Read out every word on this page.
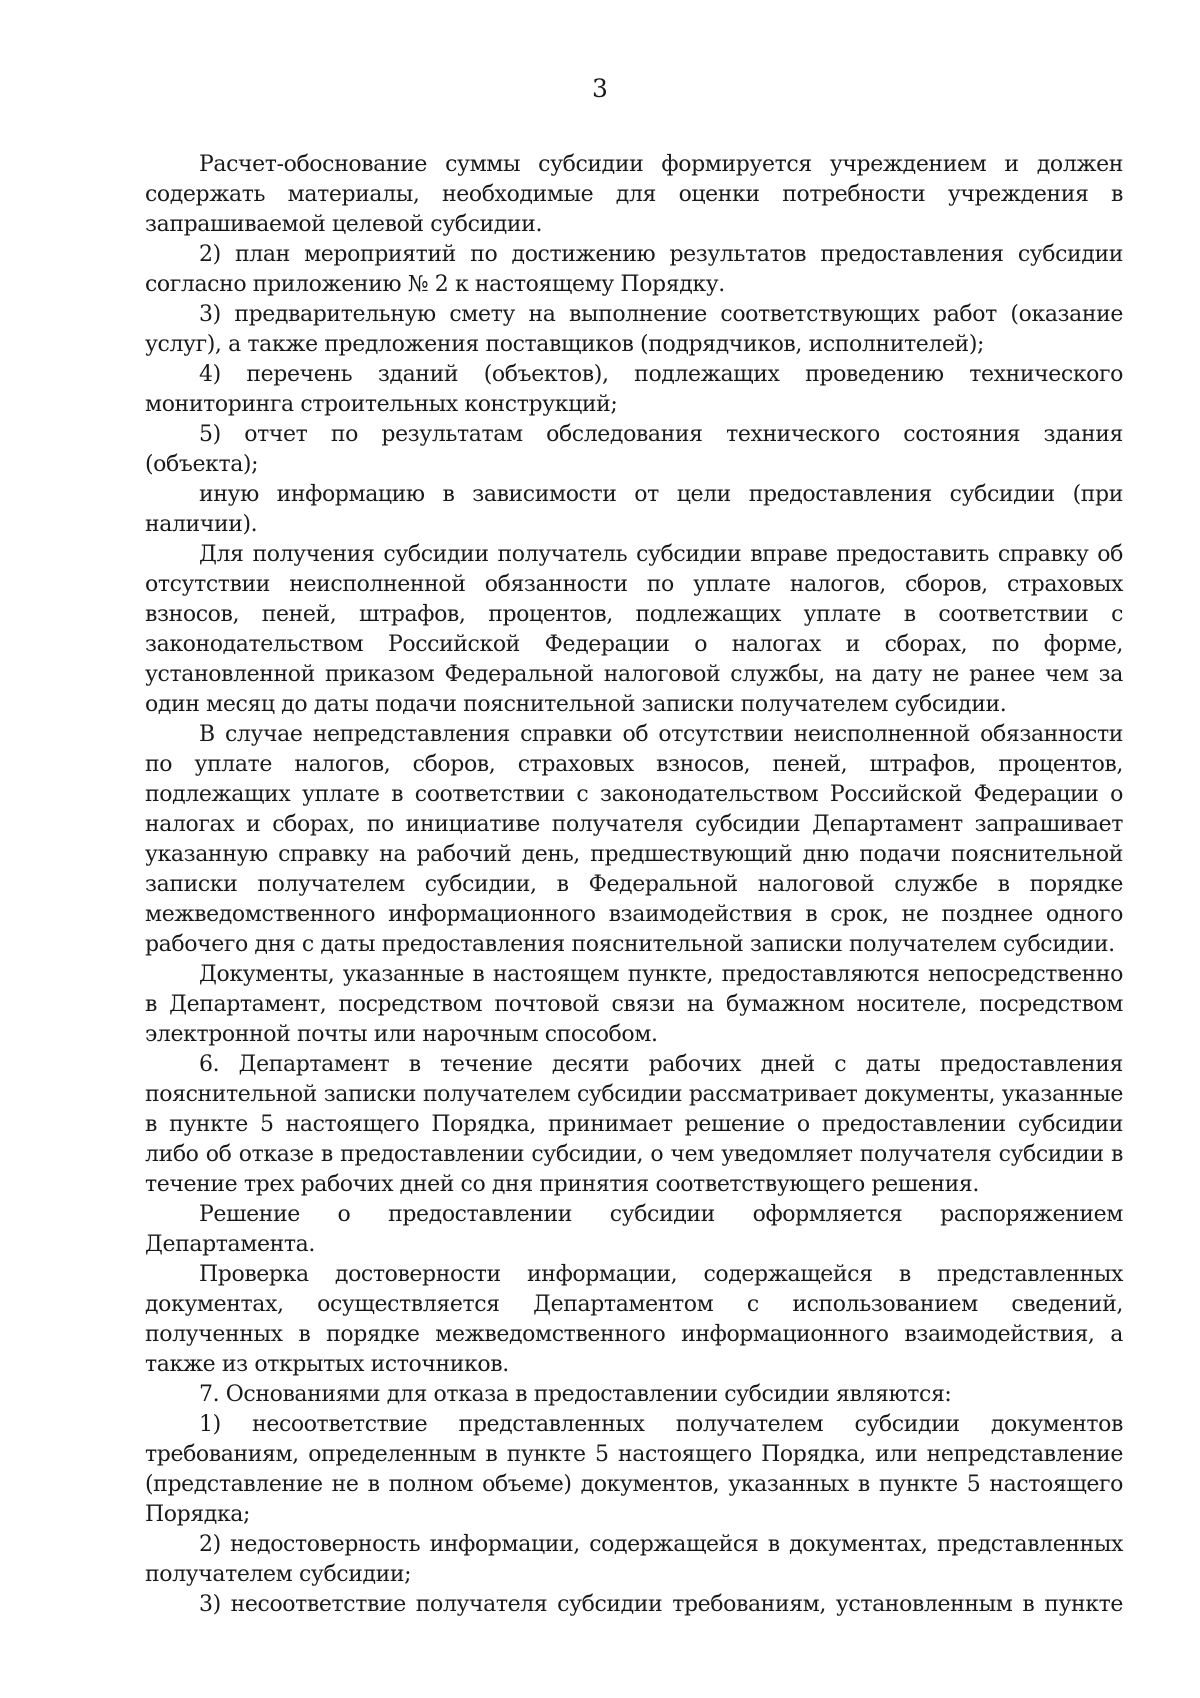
3

Расчет-обоснование суммы субсидии формируется учреждением и должен содержать материалы, необходимые для оценки потребности учреждения в запрашиваемой целевой субсидии.

2) план мероприятий по достижению результатов предоставления субсидии согласно приложению № 2 к настоящему Порядку.

3) предварительную смету на выполнение соответствующих работ (оказание услуг), а также предложения поставщиков (подрядчиков, исполнителей);

4) перечень зданий (объектов), подлежащих проведению технического мониторинга строительных конструкций;

5) отчет по результатам обследования технического состояния здания (объекта);

иную информацию в зависимости от цели предоставления субсидии (при наличии).

Для получения субсидии получатель субсидии вправе предоставить справку об отсутствии неисполненной обязанности по уплате налогов, сборов, страховых взносов, пеней, штрафов, процентов, подлежащих уплате в соответствии с законодательством Российской Федерации о налогах и сборах, по форме, установленной приказом Федеральной налоговой службы, на дату не ранее чем за один месяц до даты подачи пояснительной записки получателем субсидии.

В случае непредставления справки об отсутствии неисполненной обязанности по уплате налогов, сборов, страховых взносов, пеней, штрафов, процентов, подлежащих уплате в соответствии с законодательством Российской Федерации о налогах и сборах, по инициативе получателя субсидии Департамент запрашивает указанную справку на рабочий день, предшествующий дню подачи пояснительной записки получателем субсидии, в Федеральной налоговой службе в порядке межведомственного информационного взаимодействия в срок, не позднее одного рабочего дня с даты предоставления пояснительной записки получателем субсидии.

Документы, указанные в настоящем пункте, предоставляются непосредственно в Департамент, посредством почтовой связи на бумажном носителе, посредством электронной почты или нарочным способом.

6. Департамент в течение десяти рабочих дней с даты предоставления пояснительной записки получателем субсидии рассматривает документы, указанные в пункте 5 настоящего Порядка, принимает решение о предоставлении субсидии либо об отказе в предоставлении субсидии, о чем уведомляет получателя субсидии в течение трех рабочих дней со дня принятия соответствующего решения.

Решение о предоставлении субсидии оформляется распоряжением Департамента.

Проверка достоверности информации, содержащейся в представленных документах, осуществляется Департаментом с использованием сведений, полученных в порядке межведомственного информационного взаимодействия, а также из открытых источников.

7. Основаниями для отказа в предоставлении субсидии являются:

1) несоответствие представленных получателем субсидии документов требованиям, определенным в пункте 5 настоящего Порядка, или непредставление (представление не в полном объеме) документов, указанных в пункте 5 настоящего Порядка;

2) недостоверность информации, содержащейся в документах, представленных получателем субсидии;

3) несоответствие получателя субсидии требованиям, установленным в пункте
